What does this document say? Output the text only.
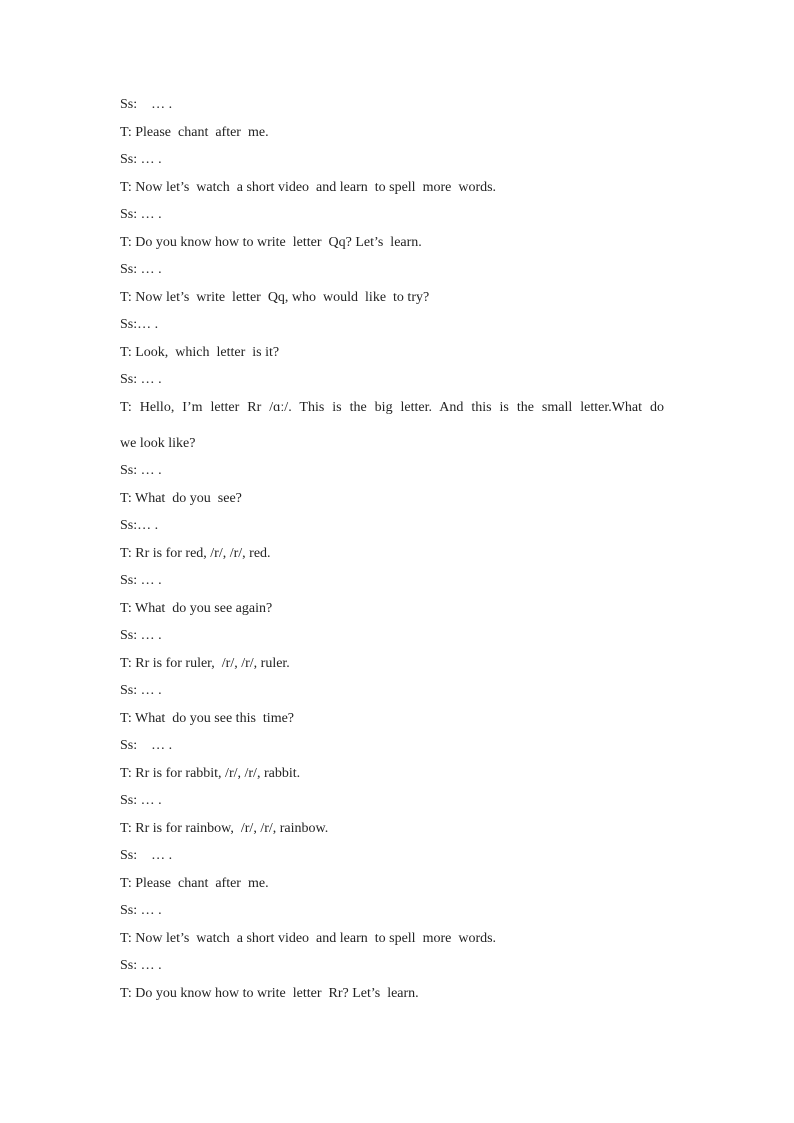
Ss:    … .
T: Please  chant  after  me.
Ss: … .
T: Now let’s  watch  a short video  and learn  to spell  more  words.
Ss: … .
T: Do you know how to write  letter  Qq? Let’s  learn.
Ss: … .
T: Now let’s  write  letter  Qq, who  would  like  to try?
Ss:… .
T: Look,  which  letter  is it?
Ss: … .
T: Hello, I’m letter Rr /ɑː/. This is the big letter. And this is the small letter.What do
we look like?
Ss: … .
T: What  do you  see?
Ss:… .
T: Rr is for red, /r/, /r/, red.
Ss: … .
T: What  do you see again?
Ss: … .
T: Rr is for ruler,  /r/, /r/, ruler.
Ss: … .
T: What  do you see this  time?
Ss:    … .
T: Rr is for rabbit, /r/, /r/, rabbit.
Ss: … .
T: Rr is for rainbow,  /r/, /r/, rainbow.
Ss:    … .
T: Please  chant  after  me.
Ss: … .
T: Now let’s  watch  a short video  and learn  to spell  more  words.
Ss: … .
T: Do you know how to write  letter  Rr? Let’s  learn.
